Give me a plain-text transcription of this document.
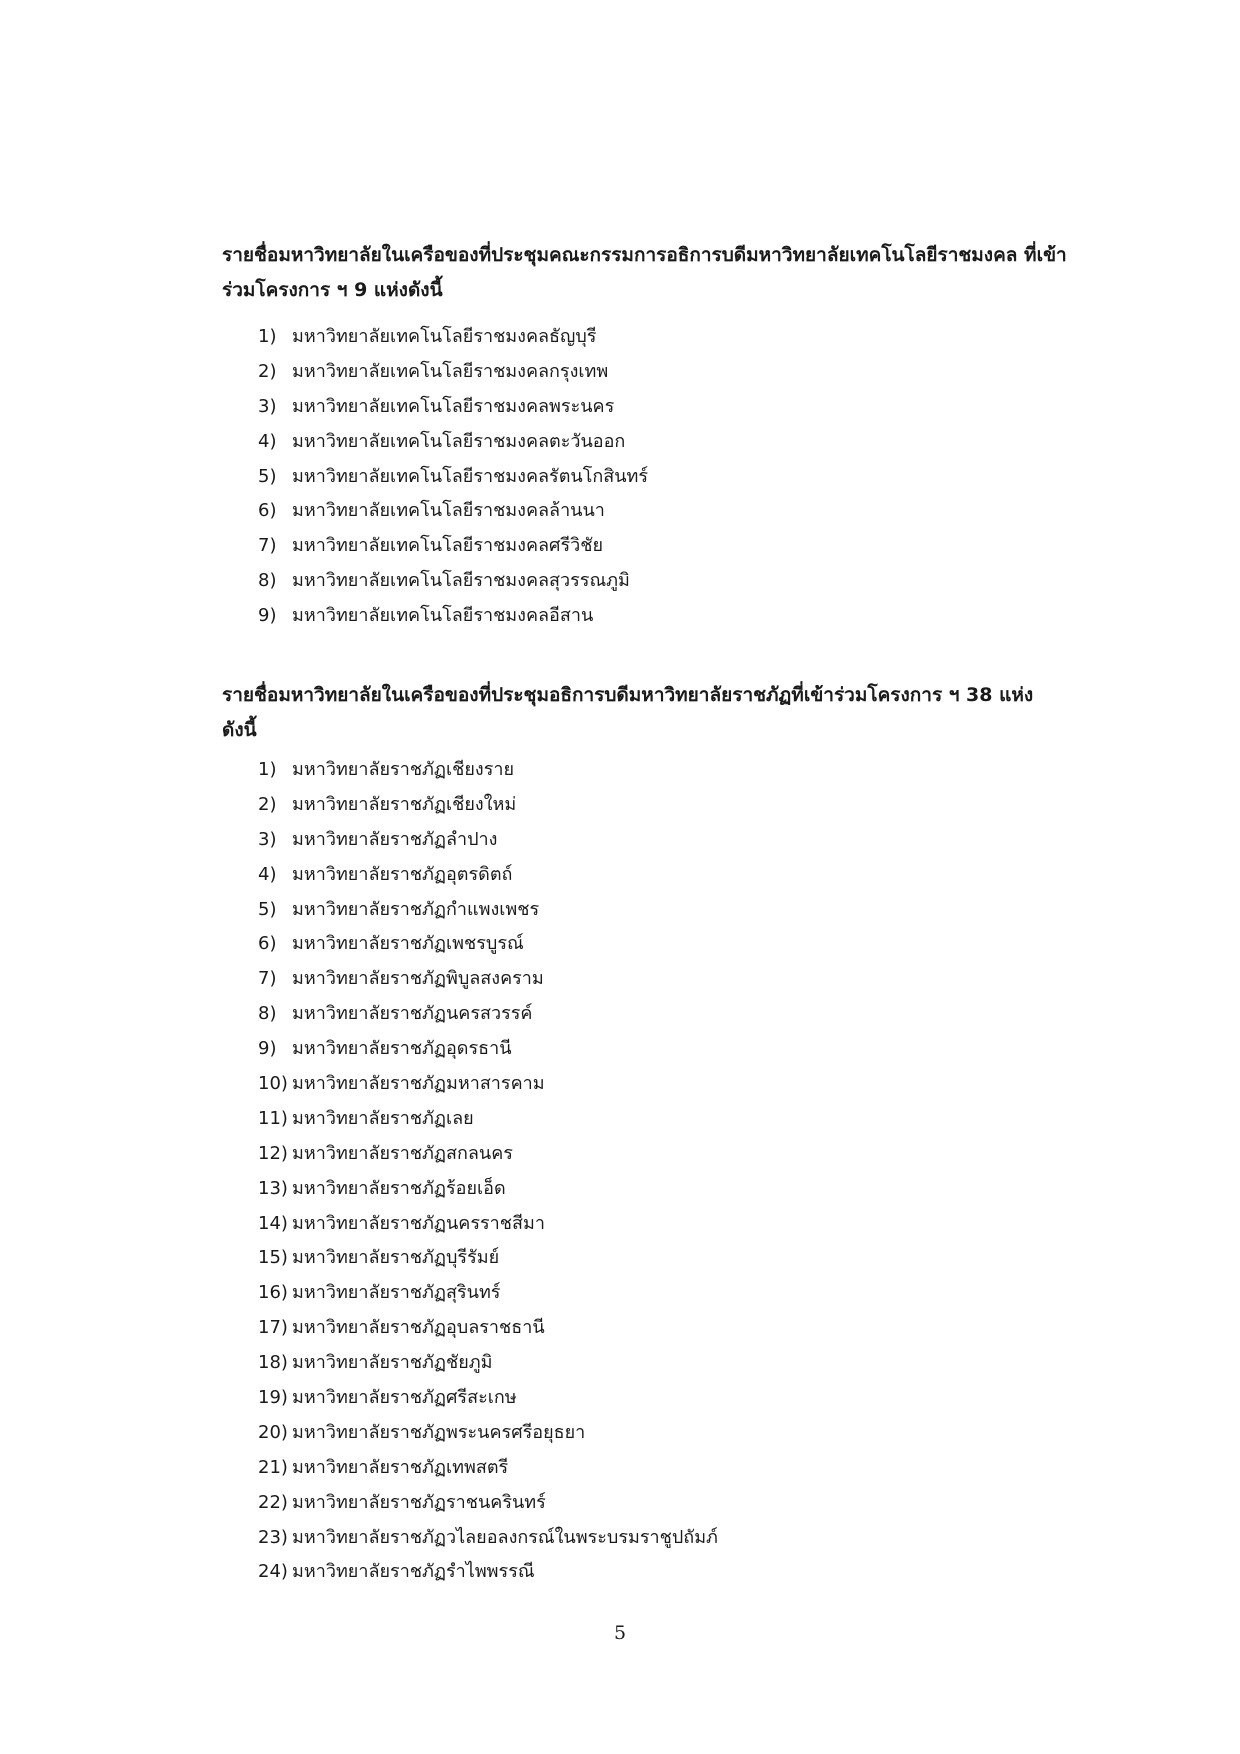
รายชื่อมหาวิทยาลัยในเครือของที่ประชุมคณะกรรมการอธิการบดีมหาวิทยาลัยเทคโนโลยีราชมงคล ที่เข้าร่วมโครงการ ฯ 9 แห่งดังนี้

1) มหาวิทยาลัยเทคโนโลยีราชมงคลธัญบุรี
2) มหาวิทยาลัยเทคโนโลยีราชมงคลกรุงเทพ
3) มหาวิทยาลัยเทคโนโลยีราชมงคลพระนคร
4) มหาวิทยาลัยเทคโนโลยีราชมงคลตะวันออก
5) มหาวิทยาลัยเทคโนโลยีราชมงคลรัตนโกสินทร์
6) มหาวิทยาลัยเทคโนโลยีราชมงคลล้านนา
7) มหาวิทยาลัยเทคโนโลยีราชมงคลศรีวิชัย
8) มหาวิทยาลัยเทคโนโลยีราชมงคลสุวรรณภูมิ
9) มหาวิทยาลัยเทคโนโลยีราชมงคลอีสาน

รายชื่อมหาวิทยาลัยในเครือของที่ประชุมอธิการบดีมหาวิทยาลัยราชภัฏที่เข้าร่วมโครงการ ฯ 38 แห่ง ดังนี้

1) มหาวิทยาลัยราชภัฏเชียงราย
2) มหาวิทยาลัยราชภัฏเชียงใหม่
3) มหาวิทยาลัยราชภัฏลำปาง
4) มหาวิทยาลัยราชภัฏอุตรดิตถ์
5) มหาวิทยาลัยราชภัฏกำแพงเพชร
6) มหาวิทยาลัยราชภัฏเพชรบูรณ์
7) มหาวิทยาลัยราชภัฏพิบูลสงคราม
8) มหาวิทยาลัยราชภัฏนครสวรรค์
9) มหาวิทยาลัยราชภัฏอุดรธานี
10) มหาวิทยาลัยราชภัฏมหาสารคาม
11) มหาวิทยาลัยราชภัฏเลย
12) มหาวิทยาลัยราชภัฏสกลนคร
13) มหาวิทยาลัยราชภัฏร้อยเอ็ด
14) มหาวิทยาลัยราชภัฏนครราชสีมา
15) มหาวิทยาลัยราชภัฏบุรีรัมย์
16) มหาวิทยาลัยราชภัฏสุรินทร์
17) มหาวิทยาลัยราชภัฏอุบลราชธานี
18) มหาวิทยาลัยราชภัฏชัยภูมิ
19) มหาวิทยาลัยราชภัฏศรีสะเกษ
20) มหาวิทยาลัยราชภัฏพระนครศรีอยุธยา
21) มหาวิทยาลัยราชภัฏเทพสตรี
22) มหาวิทยาลัยราชภัฏราชนครินทร์
23) มหาวิทยาลัยราชภัฏวไลยอลงกรณ์ในพระบรมราชูปถัมภ์
24) มหาวิทยาลัยราชภัฏรำไพพรรณี
5
